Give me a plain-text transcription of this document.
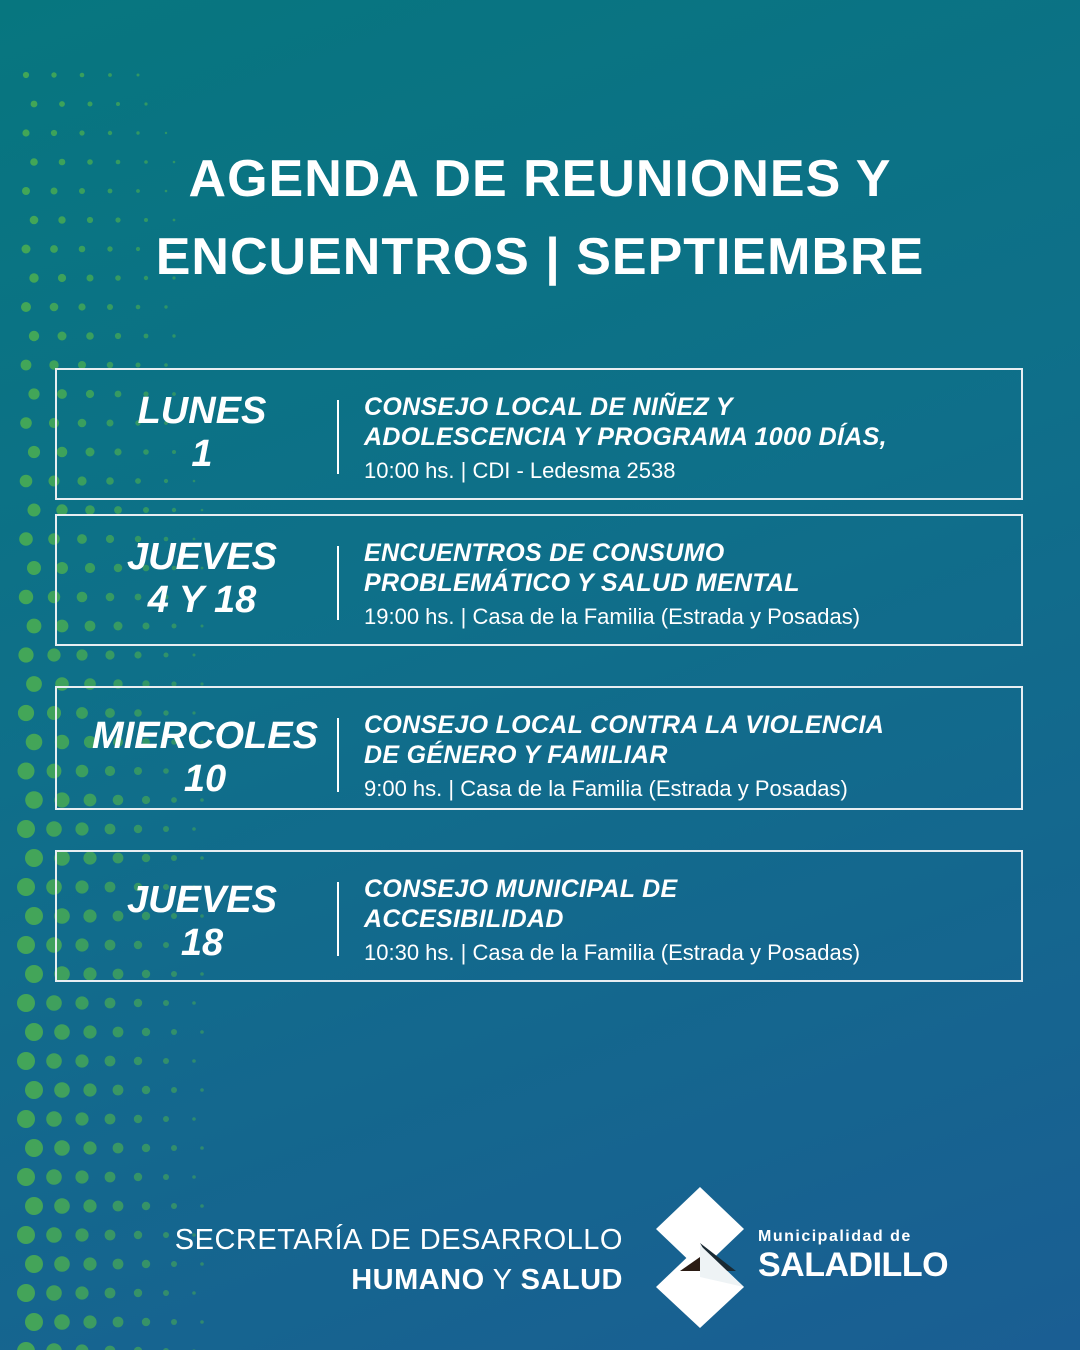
AGENDA DE REUNIONES Y
ENCUENTROS | SEPTIEMBRE
LUNES
1
CONSEJO LOCAL DE NIÑEZ Y
ADOLESCENCIA Y PROGRAMA 1000 DÍAS,
10:00 hs. | CDI - Ledesma 2538
JUEVES
4 Y 18
ENCUENTROS DE CONSUMO
PROBLEMÁTICO Y SALUD MENTAL
19:00 hs. | Casa de la Familia (Estrada y Posadas)
MIERCOLES
10
CONSEJO LOCAL CONTRA LA VIOLENCIA
DE GÉNERO Y FAMILIAR
9:00 hs. | Casa de la Familia (Estrada y Posadas)
JUEVES
18
CONSEJO MUNICIPAL DE
ACCESIBILIDAD
10:30 hs. | Casa de la Familia (Estrada y Posadas)
SECRETARÍA DE DESARROLLO
HUMANO Y SALUD
Municipalidad de
SALADILLO
